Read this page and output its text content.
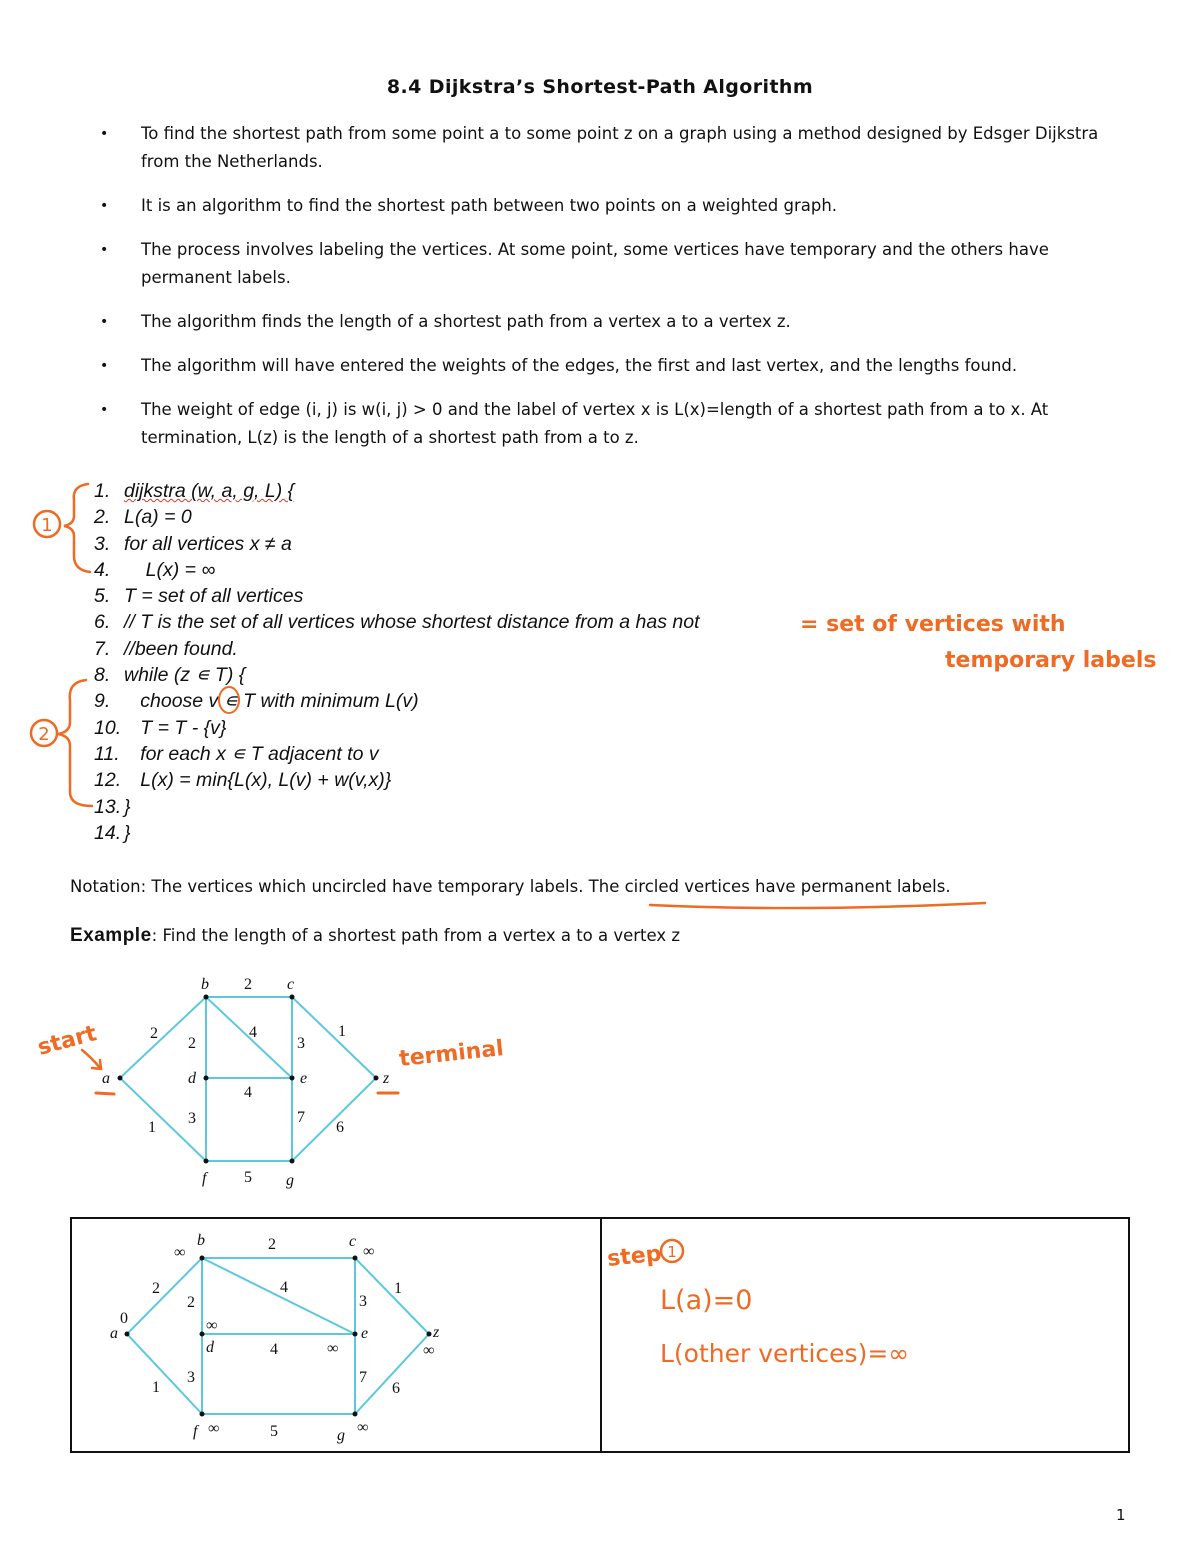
8.4 Dijkstra’s Shortest-Path Algorithm
• To find the shortest path from some point a to some point z on a graph using a method designed by Edsger Dijkstra from the Netherlands.
• It is an algorithm to find the shortest path between two points on a weighted graph.
• The process involves labeling the vertices. At some point, some vertices have temporary and the others have permanent labels.
• The algorithm finds the length of a shortest path from a vertex a to a vertex z.
• The algorithm will have entered the weights of the edges, the first and last vertex, and the lengths found.
• The weight of edge (i, j) is w(i, j) > 0 and the label of vertex x is L(x)=length of a shortest path from a to x. At termination, L(z) is the length of a shortest path from a to z.
1. dijkstra (w, a, g, L) {
2. L(a) = 0
3. for all vertices x ≠ a
4.    L(x) = ∞
5. T = set of all vertices
6. // T is the set of all vertices whose shortest distance from a has not
7. //been found.
8. while (z ∊ T) {
9.   choose v ∊ T with minimum L(v)
10.   T = T - {v}
11.   for each x ∊ T adjacent to v
12.   L(x) = min{L(x), L(v) + w(v,x)}
13. }
14. }
Notation: The vertices which uncircled have temporary labels. The circled vertices have permanent labels.
Example: Find the length of a shortest path from a vertex a to a vertex z
1
1
2
= set of vertices with
temporary labels
a
b	c
d	e
f	g
z
2
1
2
2
4
3
1
4
3	7
5
6
start	terminal
a
b	c
d
e
f	g
z
0
∞	∞
∞
∞
∞	∞
∞
2
1
2
2
4
3
1
4
3	7
5
6
step 1
L(a)=0
L(other vertices)=∞
